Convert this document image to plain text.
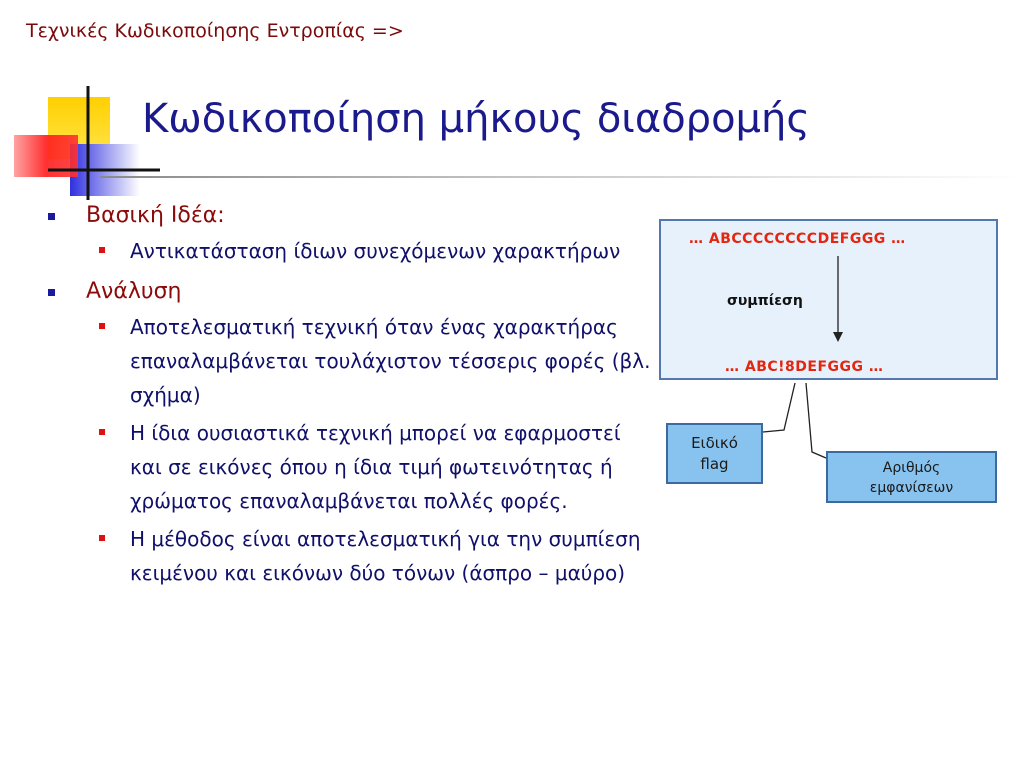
Τεχνικές Κωδικοποίησης Εντροπίας =>
Κωδικοποίηση μήκους διαδρομής
Βασική Ιδέα:
Αντικατάσταση ίδιων συνεχόμενων χαρακτήρων
Ανάλυση
Αποτελεσματική τεχνική όταν ένας χαρακτήρας επαναλαμβάνεται τουλάχιστον τέσσερις φορές (βλ. σχήμα)
Η ίδια ουσιαστικά τεχνική μπορεί να εφαρμοστεί και σε εικόνες όπου η ίδια τιμή φωτεινότητας ή χρώματος επαναλαμβάνεται πολλές φορές.
Η μέθοδος είναι αποτελεσματική για την συμπίεση κειμένου και εικόνων δύο τόνων (άσπρο – μαύρο)
… ABCCCCCCCCDEFGGG …
συμπίεση
… ABC!8DEFGGG …
Ειδικό
flag	Αριθμός
εμφανίσεων
